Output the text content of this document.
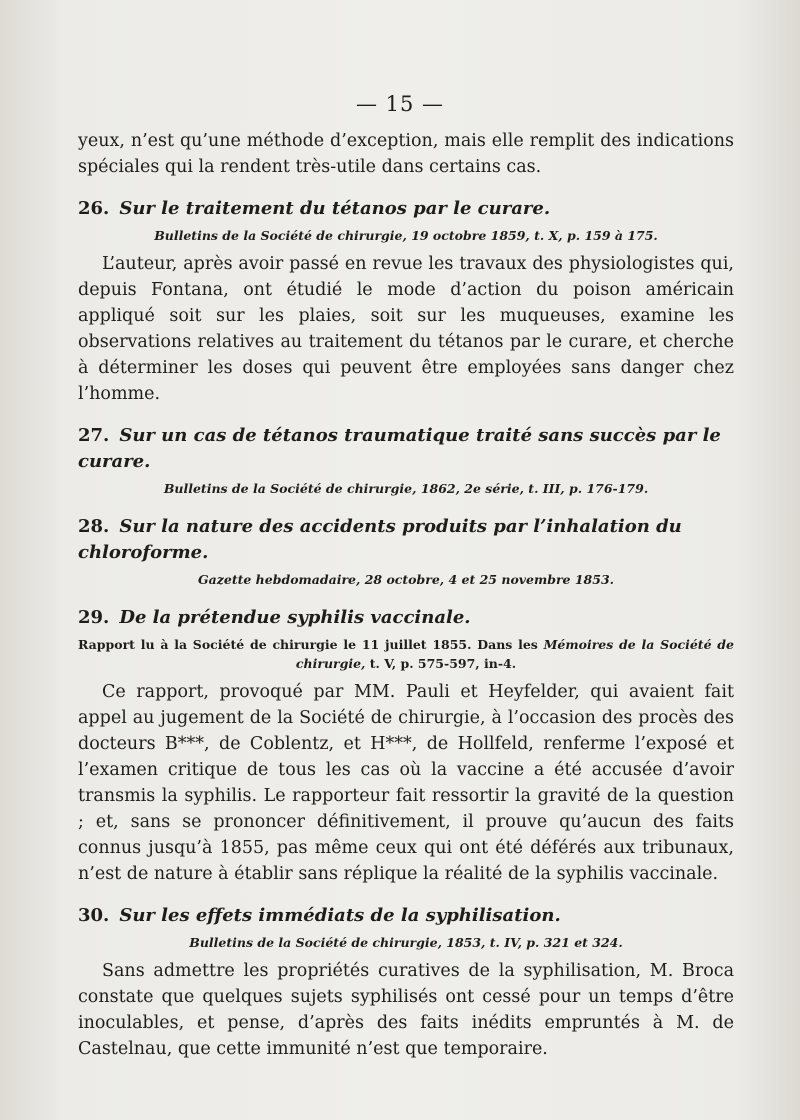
— 15 —

yeux, n’est qu’une méthode d’exception, mais elle remplit des indications spéciales qui la rendent très-utile dans certains cas.

26. Sur le traitement du tétanos par le curare.

Bulletins de la Société de chirurgie, 19 octobre 1859, t. X, p. 159 à 175.

L’auteur, après avoir passé en revue les travaux des physiologistes qui, depuis Fontana, ont étudié le mode d’action du poison américain appliqué soit sur les plaies, soit sur les muqueuses, examine les observations relatives au traitement du tétanos par le curare, et cherche à déterminer les doses qui peuvent être employées sans danger chez l’homme.

27. Sur un cas de tétanos traumatique traité sans succès par le curare.

Bulletins de la Société de chirurgie, 1862, 2e série, t. III, p. 176-179.

28. Sur la nature des accidents produits par l’inhalation du chloroforme.

Gazette hebdomadaire, 28 octobre, 4 et 25 novembre 1853.

29. De la prétendue syphilis vaccinale.

Rapport lu à la Société de chirurgie le 11 juillet 1855. Dans les Mémoires de la Société de chirurgie, t. V, p. 575-597, in-4.

Ce rapport, provoqué par MM. Pauli et Heyfelder, qui avaient fait appel au jugement de la Société de chirurgie, à l’occasion des procès des docteurs B***, de Coblentz, et H***, de Hollfeld, renferme l’exposé et l’examen critique de tous les cas où la vaccine a été accusée d’avoir transmis la syphilis. Le rapporteur fait ressortir la gravité de la question ; et, sans se prononcer définitivement, il prouve qu’aucun des faits connus jusqu’à 1855, pas même ceux qui ont été déférés aux tribunaux, n’est de nature à établir sans réplique la réalité de la syphilis vaccinale.

30. Sur les effets immédiats de la syphilisation.

Bulletins de la Société de chirurgie, 1853, t. IV, p. 321 et 324.

Sans admettre les propriétés curatives de la syphilisation, M. Broca constate que quelques sujets syphilisés ont cessé pour un temps d’être inoculables, et pense, d’après des faits inédits empruntés à M. de Castelnau, que cette immunité n’est que temporaire.
